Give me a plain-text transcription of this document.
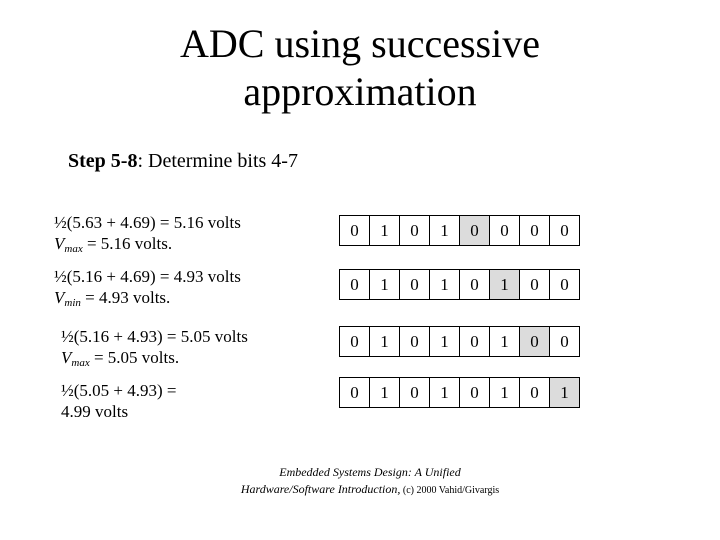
ADC using successive
approximation
Step 5-8: Determine bits 4-7
½(5.63 + 4.69) = 5.16 volts
$V_{max} = 5.16$ volts.
0	1	0	1	0	0	0	0
½(5.16 + 4.69) = 4.93 volts
$V_{min} = 4.93$ volts.
0	1	0	1	0	1	0	0
½(5.16 + 4.93) = 5.05 volts
$V_{max} = 5.05$ volts.
0	1	0	1	0	1	0	0
½(5.05 + 4.93) =
4.99 volts
0	1	0	1	0	1	0	1
Embedded Systems Design: A Unified
Hardware/Software Introduction, (c) 2000 Vahid/Givargis
